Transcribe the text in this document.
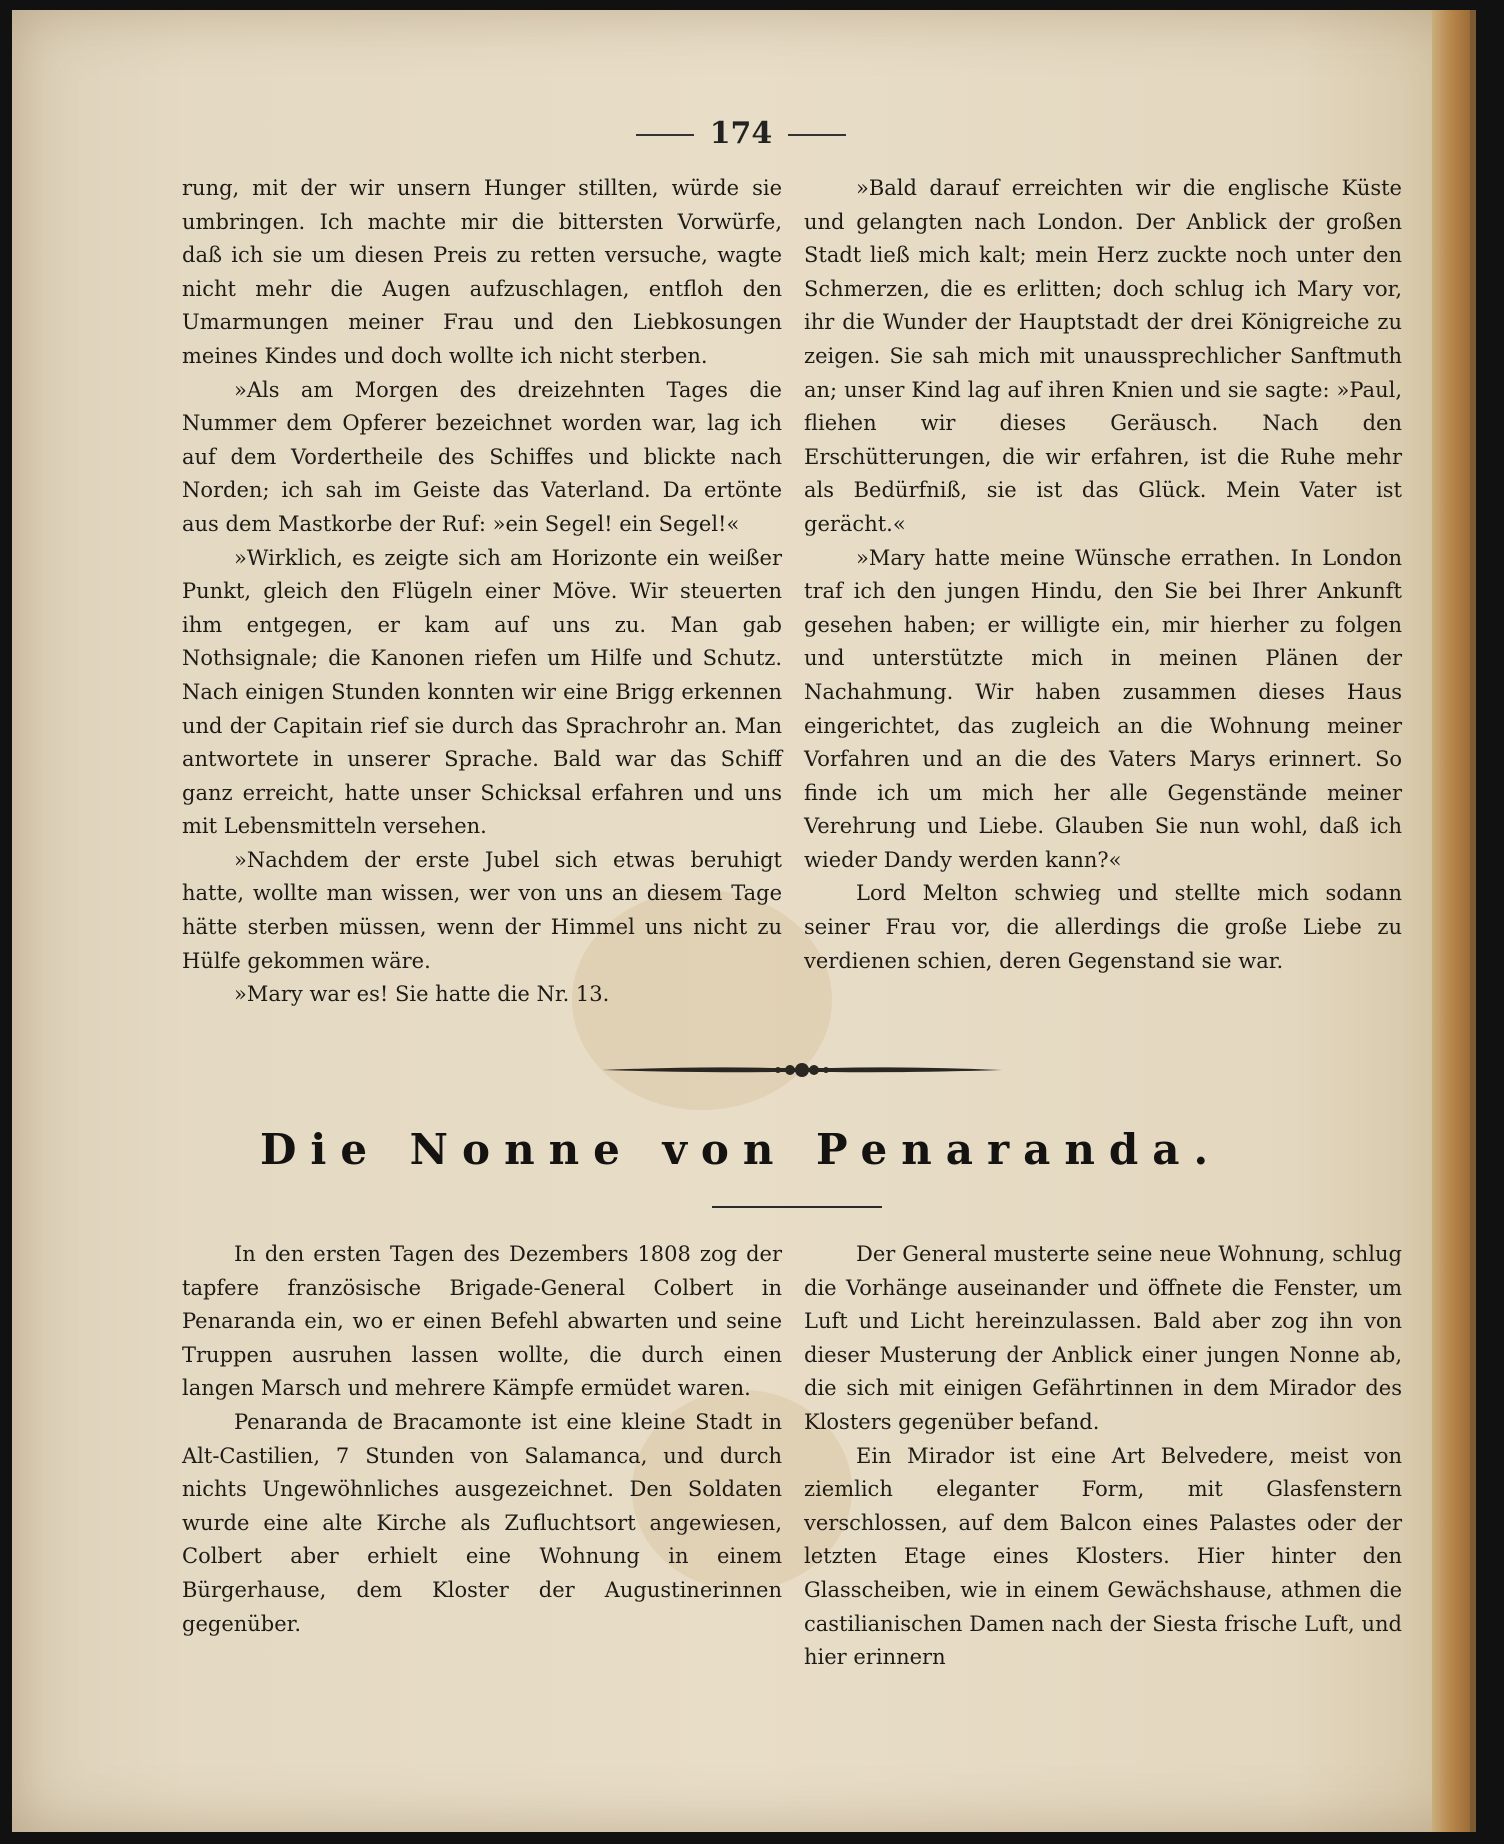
174

rung, mit der wir unsern Hunger stillten, würde sie umbringen. Ich machte mir die bittersten Vorwürfe, daß ich sie um diesen Preis zu retten versuche, wagte nicht mehr die Augen aufzuschlagen, entfloh den Umarmungen meiner Frau und den Liebkosungen meines Kindes und doch wollte ich nicht sterben.

»Als am Morgen des dreizehnten Tages die Nummer dem Opferer bezeichnet worden war, lag ich auf dem Vordertheile des Schiffes und blickte nach Norden; ich sah im Geiste das Vaterland. Da ertönte aus dem Mastkorbe der Ruf: »ein Segel! ein Segel!«

»Wirklich, es zeigte sich am Horizonte ein weißer Punkt, gleich den Flügeln einer Möve. Wir steuerten ihm entgegen, er kam auf uns zu. Man gab Nothsignale; die Kanonen riefen um Hilfe und Schutz. Nach einigen Stunden konnten wir eine Brigg erkennen und der Capitain rief sie durch das Sprachrohr an. Man antwortete in unserer Sprache. Bald war das Schiff ganz erreicht, hatte unser Schicksal erfahren und uns mit Lebensmitteln versehen.

»Nachdem der erste Jubel sich etwas beruhigt hatte, wollte man wissen, wer von uns an diesem Tage hätte sterben müssen, wenn der Himmel uns nicht zu Hülfe gekommen wäre.

»Mary war es! Sie hatte die Nr. 13.

»Bald darauf erreichten wir die englische Küste und gelangten nach London. Der Anblick der großen Stadt ließ mich kalt; mein Herz zuckte noch unter den Schmerzen, die es erlitten; doch schlug ich Mary vor, ihr die Wunder der Hauptstadt der drei Königreiche zu zeigen. Sie sah mich mit unaussprechlicher Sanftmuth an; unser Kind lag auf ihren Knien und sie sagte: »Paul, fliehen wir dieses Geräusch. Nach den Erschütterungen, die wir erfahren, ist die Ruhe mehr als Bedürfniß, sie ist das Glück. Mein Vater ist gerächt.«

»Mary hatte meine Wünsche errathen. In London traf ich den jungen Hindu, den Sie bei Ihrer Ankunft gesehen haben; er willigte ein, mir hierher zu folgen und unterstützte mich in meinen Plänen der Nachahmung. Wir haben zusammen dieses Haus eingerichtet, das zugleich an die Wohnung meiner Vorfahren und an die des Vaters Marys erinnert. So finde ich um mich her alle Gegenstände meiner Verehrung und Liebe. Glauben Sie nun wohl, daß ich wieder Dandy werden kann?«

Lord Melton schwieg und stellte mich sodann seiner Frau vor, die allerdings die große Liebe zu verdienen schien, deren Gegenstand sie war.

Die Nonne von Penaranda.

In den ersten Tagen des Dezembers 1808 zog der tapfere französische Brigade-General Colbert in Penaranda ein, wo er einen Befehl abwarten und seine Truppen ausruhen lassen wollte, die durch einen langen Marsch und mehrere Kämpfe ermüdet waren.

Penaranda de Bracamonte ist eine kleine Stadt in Alt-Castilien, 7 Stunden von Salamanca, und durch nichts Ungewöhnliches ausgezeichnet. Den Soldaten wurde eine alte Kirche als Zufluchtsort angewiesen, Colbert aber erhielt eine Wohnung in einem Bürgerhause, dem Kloster der Augustinerinnen gegenüber.

Der General musterte seine neue Wohnung, schlug die Vorhänge auseinander und öffnete die Fenster, um Luft und Licht hereinzulassen. Bald aber zog ihn von dieser Musterung der Anblick einer jungen Nonne ab, die sich mit einigen Gefährtinnen in dem Mirador des Klosters gegenüber befand.

Ein Mirador ist eine Art Belvedere, meist von ziemlich eleganter Form, mit Glasfenstern verschlossen, auf dem Balcon eines Palastes oder der letzten Etage eines Klosters. Hier hinter den Glasscheiben, wie in einem Gewächshause, athmen die castilianischen Damen nach der Siesta frische Luft, und hier erinnern
